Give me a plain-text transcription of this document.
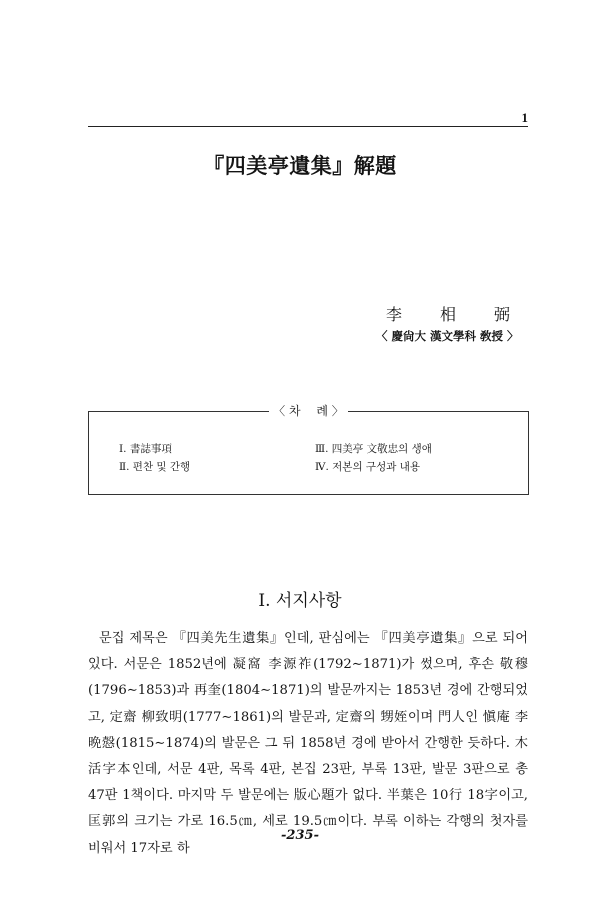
1
『四美亭遺集』解題
李 相 弼
〈 慶尙大 漢文學科 敎授 〉
〈 차　 례 〉
Ⅰ. 書誌事項
Ⅱ. 편찬 및 간행
Ⅲ. 四美亭 文敬忠의 생애
Ⅳ. 저본의 구성과 내용
Ⅰ. 서지사항

문집 제목은 『四美先生遺集』인데, 판심에는 『四美亭遺集』으로 되어 있다. 서문은 1852년에 凝窩 李源祚(1792∼1871)가 썼으며, 후손 敬穆(1796∼1853)과 再奎(1804∼1871)의 발문까지는 1853년 경에 간행되었고, 定齋 柳致明(1777∼1861)의 발문과, 定齋의 甥姪이며 門人인 愼庵 李晩慤(1815∼1874)의 발문은 그 뒤 1858년 경에 받아서 간행한 듯하다. 木活字本인데, 서문 4판, 목록 4판, 본집 23판, 부록 13판, 발문 3판으로 총 47판 1책이다. 마지막 두 발문에는 版心題가 없다. 半葉은 10行 18字이고, 匡郭의 크기는 가로 16.5㎝, 세로 19.5㎝이다. 부록 이하는 각행의 첫자를 비워서 17자로 하

-235-
